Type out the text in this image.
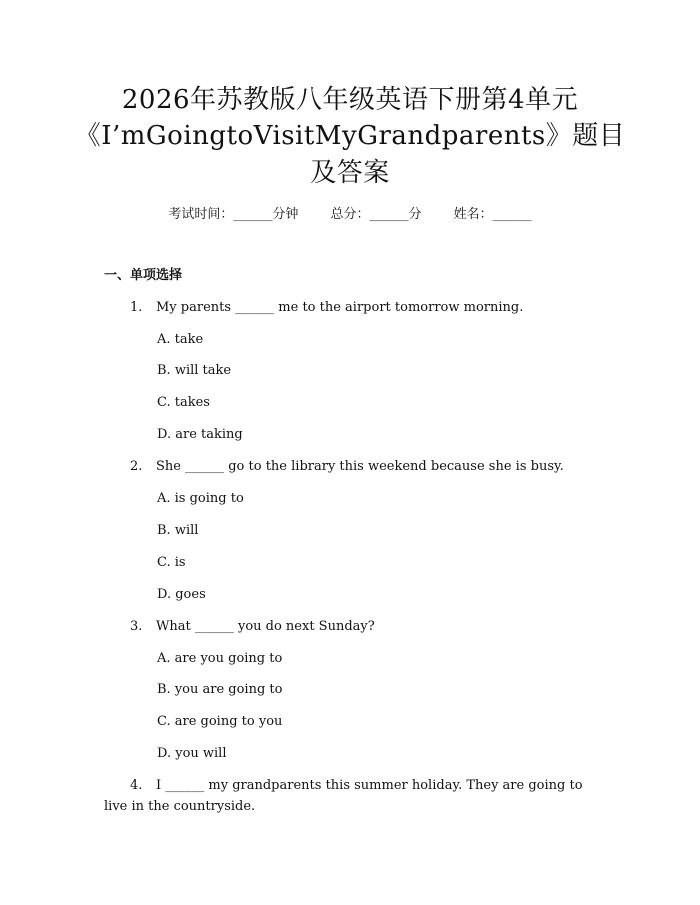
2026年苏教版八年级英语下册第4单元
《I’mGoingtoVisitMyGrandparents》题目
及答案
考试时间：______分钟 总分：______分 姓名：______
一、单项选择
1. My parents ______ me to the airport tomorrow morning.
A. take
B. will take
C. takes
D. are taking
2. She ______ go to the library this weekend because she is busy.
A. is going to
B. will
C. is
D. goes
3. What ______ you do next Sunday?
A. are you going to
B. you are going to
C. are going to you
D. you will
4. I ______ my grandparents this summer holiday. They are going to
live in the countryside.
